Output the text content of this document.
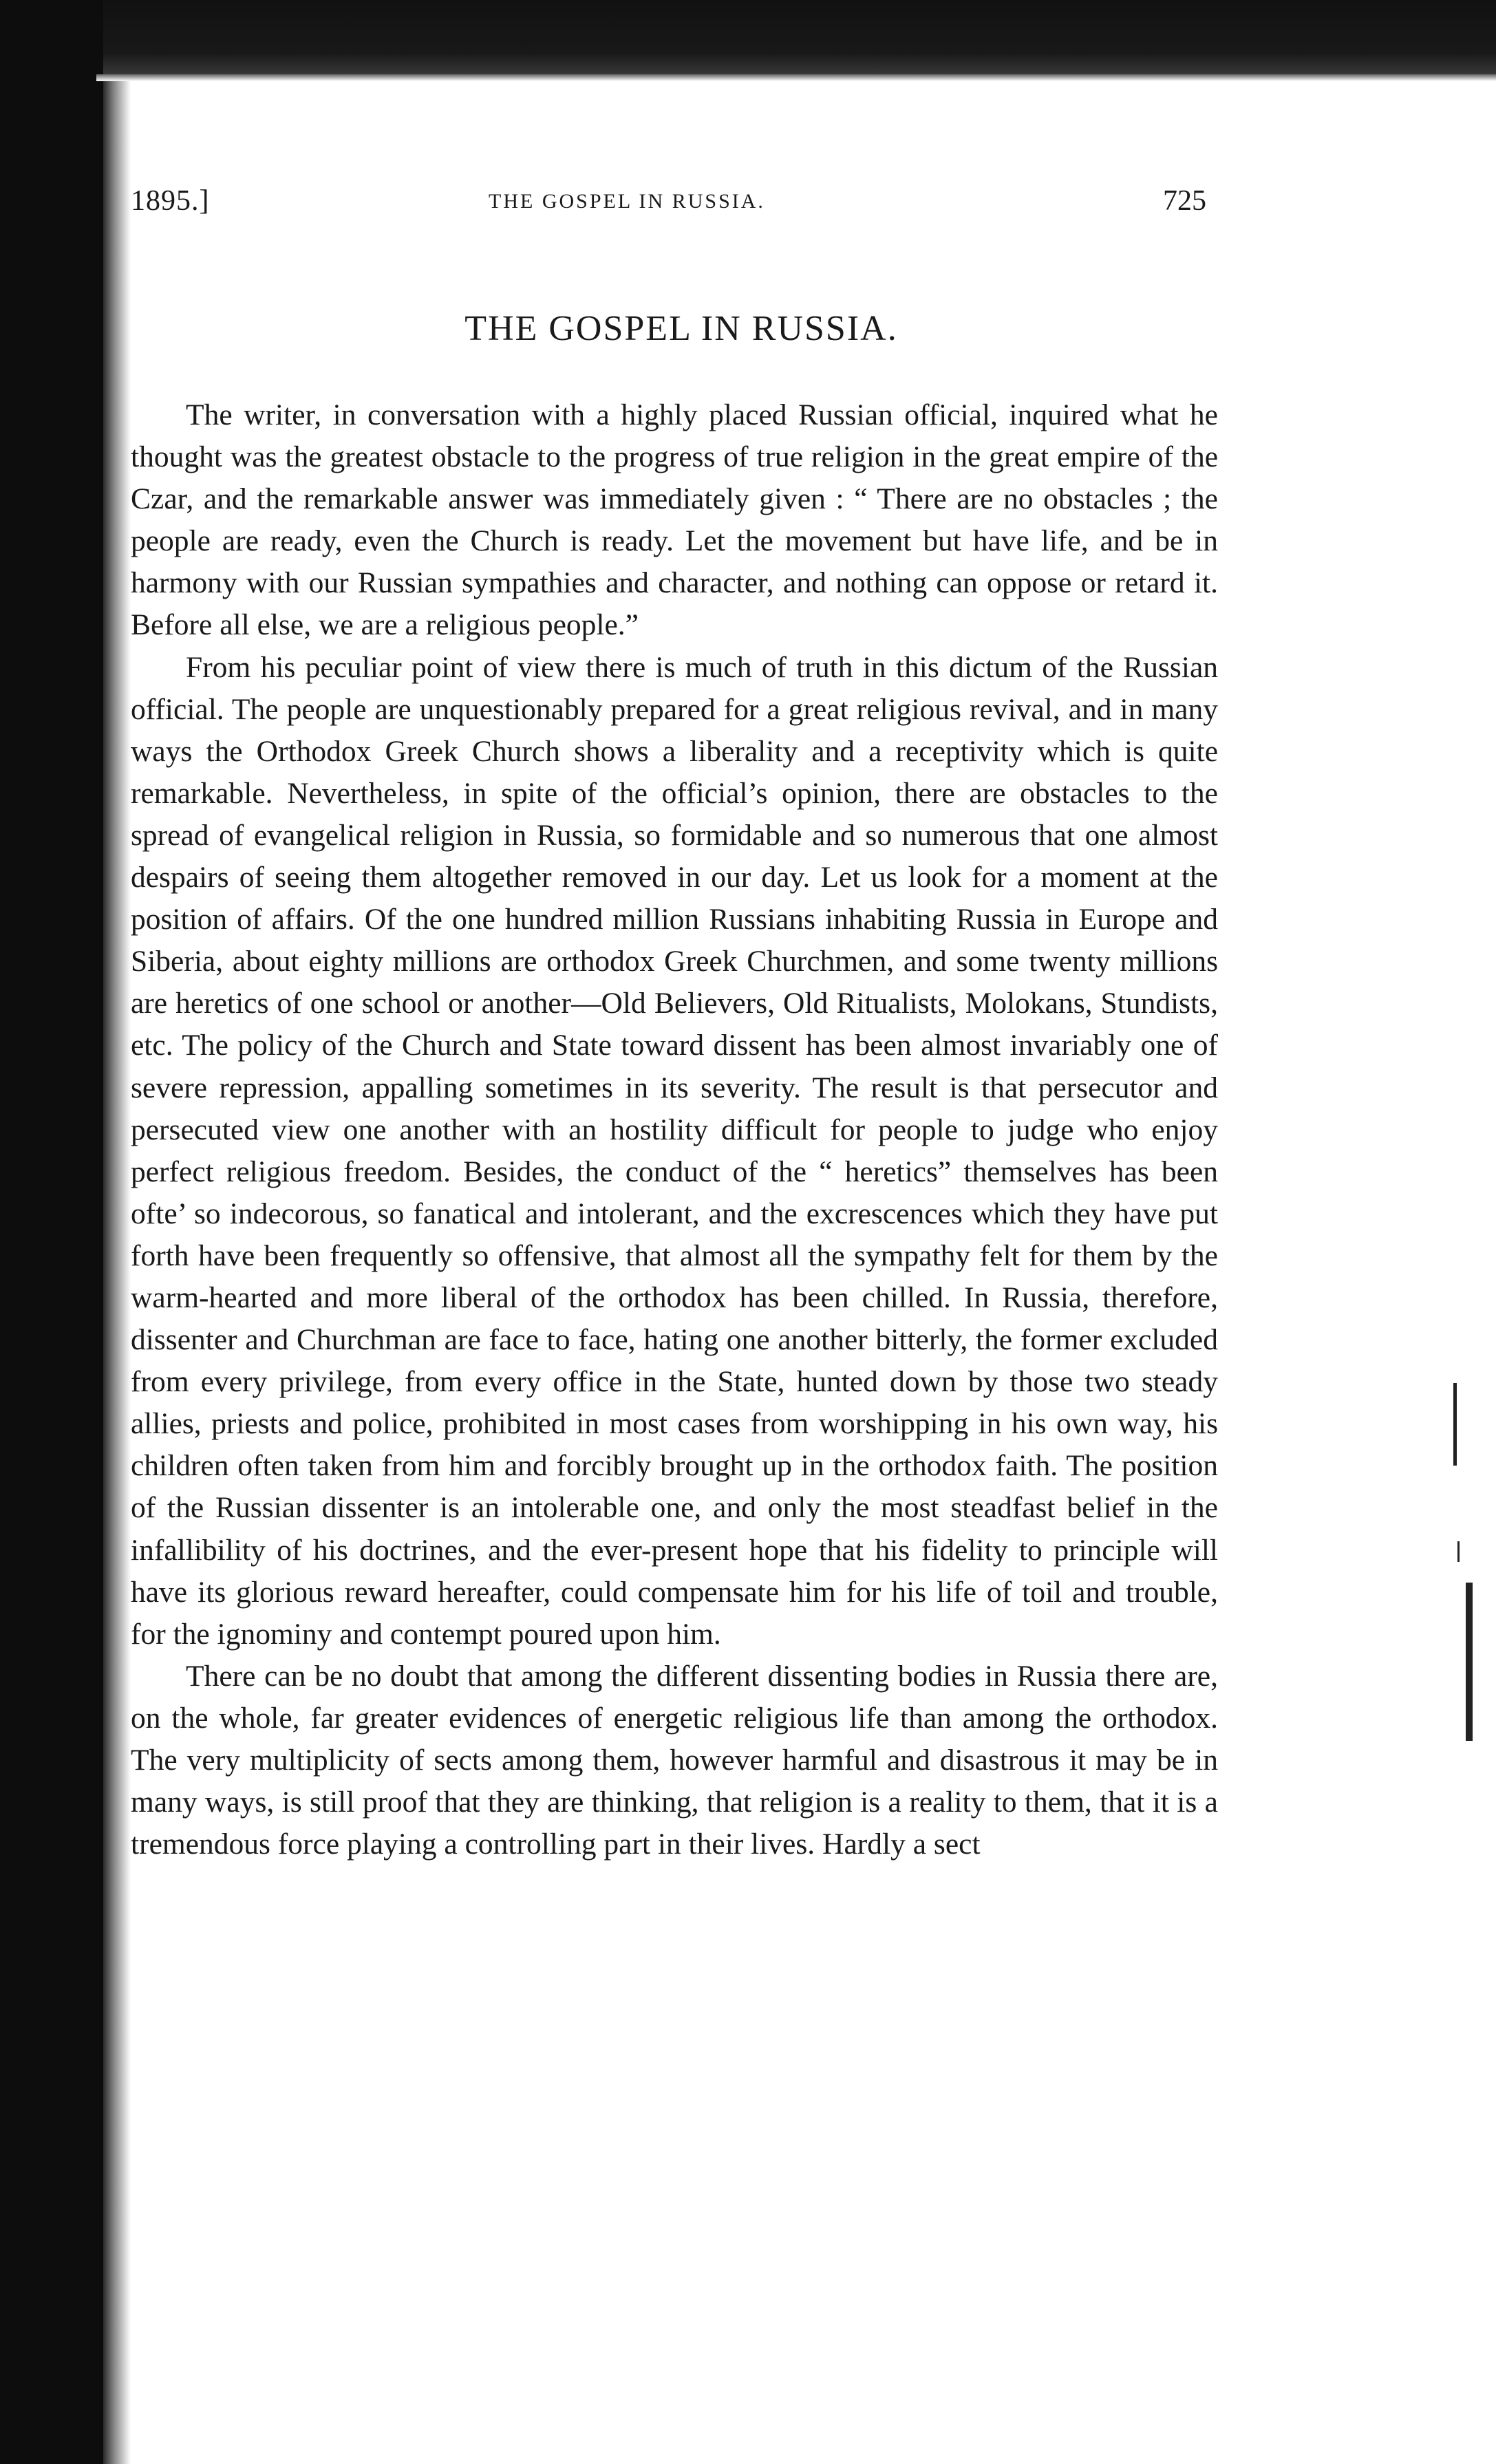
1895.]	THE GOSPEL IN RUSSIA.	725
THE GOSPEL IN RUSSIA.

The writer, in conversation with a highly placed Russian official, inquired what he thought was the greatest obstacle to the progress of true religion in the great empire of the Czar, and the remarkable answer was immediately given : “ There are no obstacles ; the people are ready, even the Church is ready. Let the movement but have life, and be in harmony with our Russian sympathies and character, and nothing can oppose or retard it. Before all else, we are a religious people.”

From his peculiar point of view there is much of truth in this dictum of the Russian official. The people are unquestionably prepared for a great religious revival, and in many ways the Orthodox Greek Church shows a liberality and a receptivity which is quite remarkable. Nevertheless, in spite of the official’s opinion, there are obstacles to the spread of evangelical religion in Russia, so formidable and so numerous that one almost despairs of seeing them altogether removed in our day. Let us look for a moment at the position of affairs. Of the one hundred million Russians inhabiting Russia in Europe and Siberia, about eighty millions are orthodox Greek Churchmen, and some twenty millions are heretics of one school or another—Old Believers, Old Ritualists, Molokans, Stundists, etc. The policy of the Church and State toward dissent has been almost invariably one of severe repression, appalling sometimes in its severity. The result is that persecutor and persecuted view one another with an hostility difficult for people to judge who enjoy perfect religious freedom. Besides, the conduct of the “ heretics” themselves has been ofte’ so indecorous, so fanatical and intolerant, and the excrescences which they have put forth have been frequently so offensive, that almost all the sympathy felt for them by the warm-hearted and more liberal of the orthodox has been chilled. In Russia, therefore, dissenter and Churchman are face to face, hating one another bitterly, the former excluded from every privilege, from every office in the State, hunted down by those two steady allies, priests and police, prohibited in most cases from worshipping in his own way, his children often taken from him and forcibly brought up in the orthodox faith. The position of the Russian dissenter is an intolerable one, and only the most steadfast belief in the infallibility of his doctrines, and the ever-present hope that his fidelity to principle will have its glorious reward hereafter, could compensate him for his life of toil and trouble, for the ignominy and contempt poured upon him.

There can be no doubt that among the different dissenting bodies in Russia there are, on the whole, far greater evidences of energetic religious life than among the orthodox. The very multiplicity of sects among them, however harmful and disastrous it may be in many ways, is still proof that they are thinking, that religion is a reality to them, that it is a tremendous force playing a controlling part in their lives. Hardly a sect
